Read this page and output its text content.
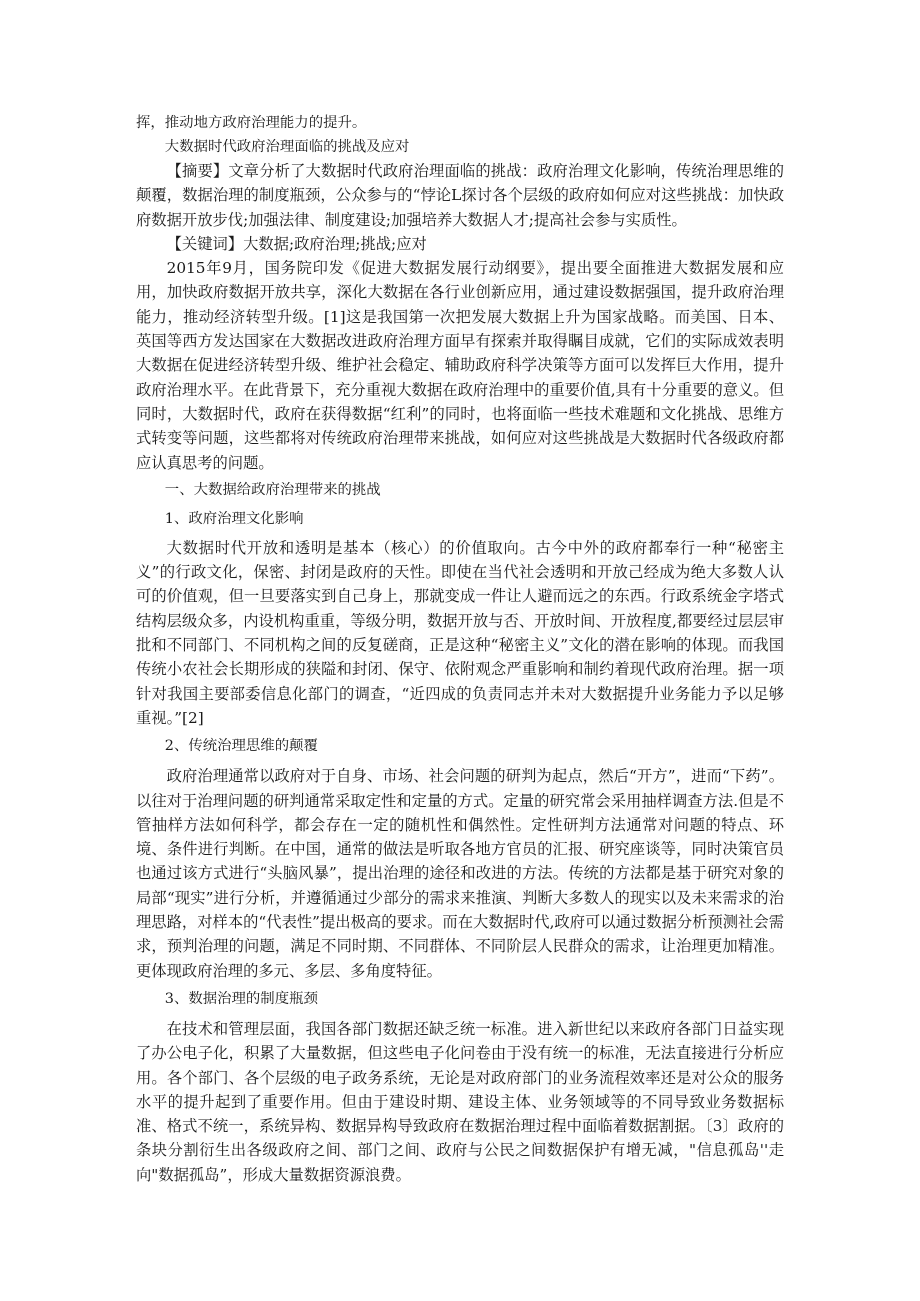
挥，推动地方政府治理能力的提升。

大数据时代政府治理面临的挑战及应对

【摘要】文章分析了大数据时代政府治理面临的挑战：政府治理文化影响，传统治理思维的颠覆，数据治理的制度瓶颈，公众参与的“悖论L探讨各个层级的政府如何应对这些挑战：加快政府数据开放步伐;加强法律、制度建设;加强培养大数据人才;提高社会参与实质性。

【关键词】大数据;政府治理;挑战;应对

2015年9月，国务院印发《促进大数据发展行动纲要》，提出要全面推进大数据发展和应用，加快政府数据开放共享，深化大数据在各行业创新应用，通过建设数据强国，提升政府治理能力，推动经济转型升级。[1]这是我国第一次把发展大数据上升为国家战略。而美国、日本、英国等西方发达国家在大数据改进政府治理方面早有探索并取得瞩目成就，它们的实际成效表明大数据在促进经济转型升级、维护社会稳定、辅助政府科学决策等方面可以发挥巨大作用，提升政府治理水平。在此背景下，充分重视大数据在政府治理中的重要价值,具有十分重要的意义。但同时，大数据时代，政府在获得数据“红利”的同时，也将面临一些技术难题和文化挑战、思维方式转变等问题，这些都将对传统政府治理带来挑战，如何应对这些挑战是大数据时代各级政府都应认真思考的问题。

一、大数据给政府治理带来的挑战

1、政府治理文化影响

大数据时代开放和透明是基本（核心）的价值取向。古今中外的政府都奉行一种“秘密主义”的行政文化，保密、封闭是政府的天性。即使在当代社会透明和开放己经成为绝大多数人认可的价值观，但一旦要落实到自己身上，那就变成一件让人避而远之的东西。行政系统金字塔式结构层级众多，内设机构重重，等级分明，数据开放与否、开放时间、开放程度,都要经过层层审批和不同部门、不同机构之间的反复磋商，正是这种“秘密主义”文化的潜在影响的体现。而我国传统小农社会长期形成的狭隘和封闭、保守、依附观念严重影响和制约着现代政府治理。据一项针对我国主要部委信息化部门的调查，“近四成的负责同志并未对大数据提升业务能力予以足够重视。”[2]

2、传统治理思维的颠覆

政府治理通常以政府对于自身、市场、社会问题的研判为起点，然后“开方”，进而“下药”。以往对于治理问题的研判通常采取定性和定量的方式。定量的研究常会采用抽样调查方法.但是不管抽样方法如何科学，都会存在一定的随机性和偶然性。定性研判方法通常对问题的特点、环境、条件进行判断。在中国，通常的做法是听取各地方官员的汇报、研究座谈等，同时决策官员也通过该方式进行“头脑风暴”，提出治理的途径和改进的方法。传统的方法都是基于研究对象的局部“现实”进行分析，并遵循通过少部分的需求来推演、判断大多数人的现实以及未来需求的治理思路，对样本的“代表性”提出极高的要求。而在大数据时代,政府可以通过数据分析预测社会需求，预判治理的问题，满足不同时期、不同群体、不同阶层人民群众的需求，让治理更加精准。更体现政府治理的多元、多层、多角度特征。

3、数据治理的制度瓶颈

在技术和管理层面，我国各部门数据还缺乏统一标准。进入新世纪以来政府各部门日益实现了办公电子化，积累了大量数据，但这些电子化问卷由于没有统一的标准，无法直接进行分析应用。各个部门、各个层级的电子政务系统，无论是对政府部门的业务流程效率还是对公众的服务水平的提升起到了重要作用。但由于建设时期、建设主体、业务领域等的不同导致业务数据标准、格式不统一，系统异构、数据异构导致政府在数据治理过程中面临着数据割据。〔3〕政府的条块分割衍生出各级政府之间、部门之间、政府与公民之间数据保护有增无减，"信息孤岛''走向"数据孤岛”，形成大量数据资源浪费。
